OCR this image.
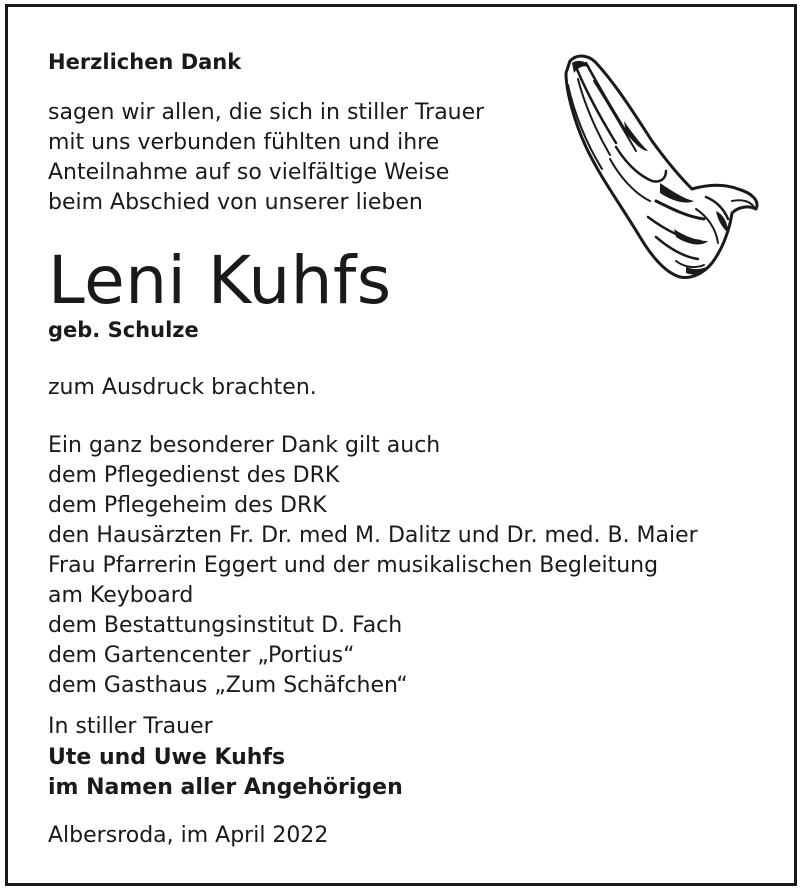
Herzlichen Dank

sagen wir allen, die sich in stiller Trauer
mit uns verbunden fühlten und ihre
Anteilnahme auf so vielfältige Weise
beim Abschied von unserer lieben

Leni Kuhfs

geb. Schulze

zum Ausdruck brachten.

Ein ganz besonderer Dank gilt auch
dem Pflegedienst des DRK
dem Pflegeheim des DRK
den Hausärzten Fr. Dr. med M. Dalitz und Dr. med. B. Maier
Frau Pfarrerin Eggert und der musikalischen Begleitung
am Keyboard
dem Bestattungsinstitut D. Fach
dem Gartencenter „Portius“
dem Gasthaus „Zum Schäfchen“

In stiller Trauer

Ute und Uwe Kuhfs

im Namen aller Angehörigen

Albersroda, im April 2022
